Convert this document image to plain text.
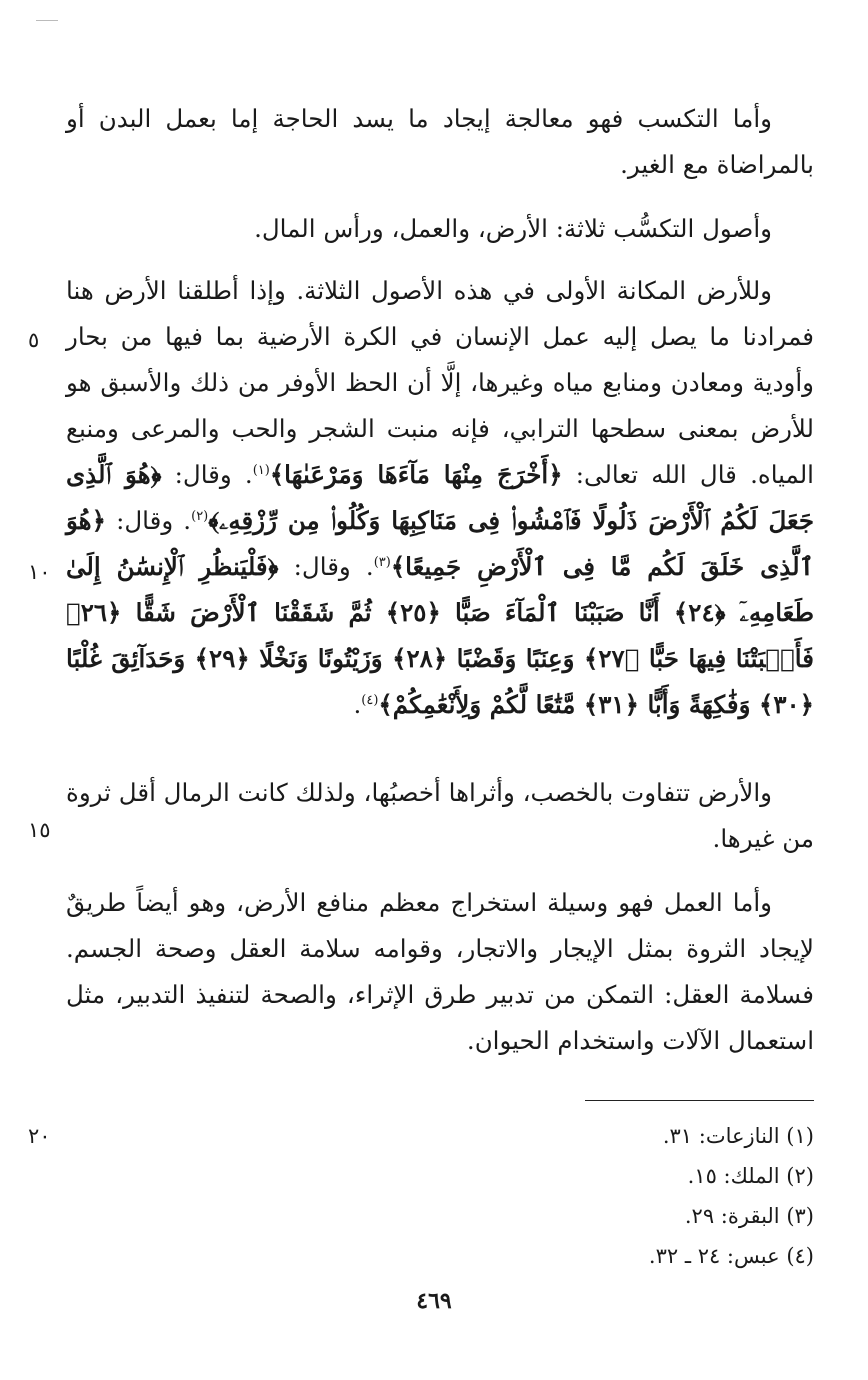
وأما التكسب فهو معالجة إيجاد ما يسد الحاجة إما بعمل البدن أو بالمراضاة مع الغير.

وأصول التكسُّب ثلاثة: الأرض، والعمل، ورأس المال.

وللأرض المكانة الأولى في هذه الأصول الثلاثة. وإذا أطلقنا الأرض هنا فمرادنا ما يصل إليه عمل الإنسان في الكرة الأرضية بما فيها من بحار وأودية ومعادن ومنابع مياه وغيرها، إلَّا أن الحظ الأوفر من ذلك والأسبق هو للأرض بمعنى سطحها الترابي، فإنه منبت الشجر والحب والمرعى ومنبع المياه. قال الله تعالى: ﴿أَخْرَجَ مِنْهَا مَآءَهَا وَمَرْعَىٰهَا﴾$^{(١)}$. وقال: ﴿هُوَ ٱلَّذِى جَعَلَ لَكُمُ ٱلْأَرْضَ ذَلُولًا فَٱمْشُوا۟ فِى مَنَاكِبِهَا وَكُلُوا۟ مِن رِّزْقِهِۦ﴾$^{(٢)}$. وقال: ﴿هُوَ ٱلَّذِى خَلَقَ لَكُم مَّا فِى ٱلْأَرْضِ جَمِيعًا﴾$^{(٣)}$. وقال: ﴿فَلْيَنظُرِ ٱلْإِنسَٰنُ إِلَىٰ طَعَامِهِۦٓ ﴿٢٤﴾ أَنَّا صَبَبْنَا ٱلْمَآءَ صَبًّا ﴿٢٥﴾ ثُمَّ شَقَقْنَا ٱلْأَرْضَ شَقًّا ﴿٢٦﴾ فَأَنۢبَتْنَا فِيهَا حَبًّا ﴿٢٧﴾ وَعِنَبًا وَقَضْبًا ﴿٢٨﴾ وَزَيْتُونًا وَنَخْلًا ﴿٢٩﴾ وَحَدَآئِقَ غُلْبًا ﴿٣٠﴾ وَفَٰكِهَةً وَأَبًّا ﴿٣١﴾ مَّتَٰعًا لَّكُمْ وَلِأَنْعَٰمِكُمْ﴾$^{(٤)}$.

والأرض تتفاوت بالخصب، وأثراها أخصبُها، ولذلك كانت الرمال أقل ثروة من غيرها.

وأما العمل فهو وسيلة استخراج معظم منافع الأرض، وهو أيضاً طريقٌ لإيجاد الثروة بمثل الإيجار والاتجار، وقوامه سلامة العقل وصحة الجسم. فسلامة العقل: التمكن من تدبير طرق الإثراء، والصحة لتنفيذ التدبير، مثل استعمال الآلات واستخدام الحيوان.

٥
١٠
١٥
٢٠	(١) النازعات: ٣١.
(٢) الملك: ١٥.
(٣) البقرة: ٢٩.
(٤) عبس: ٢٤ ـ ٣٢.
٤٦٩
